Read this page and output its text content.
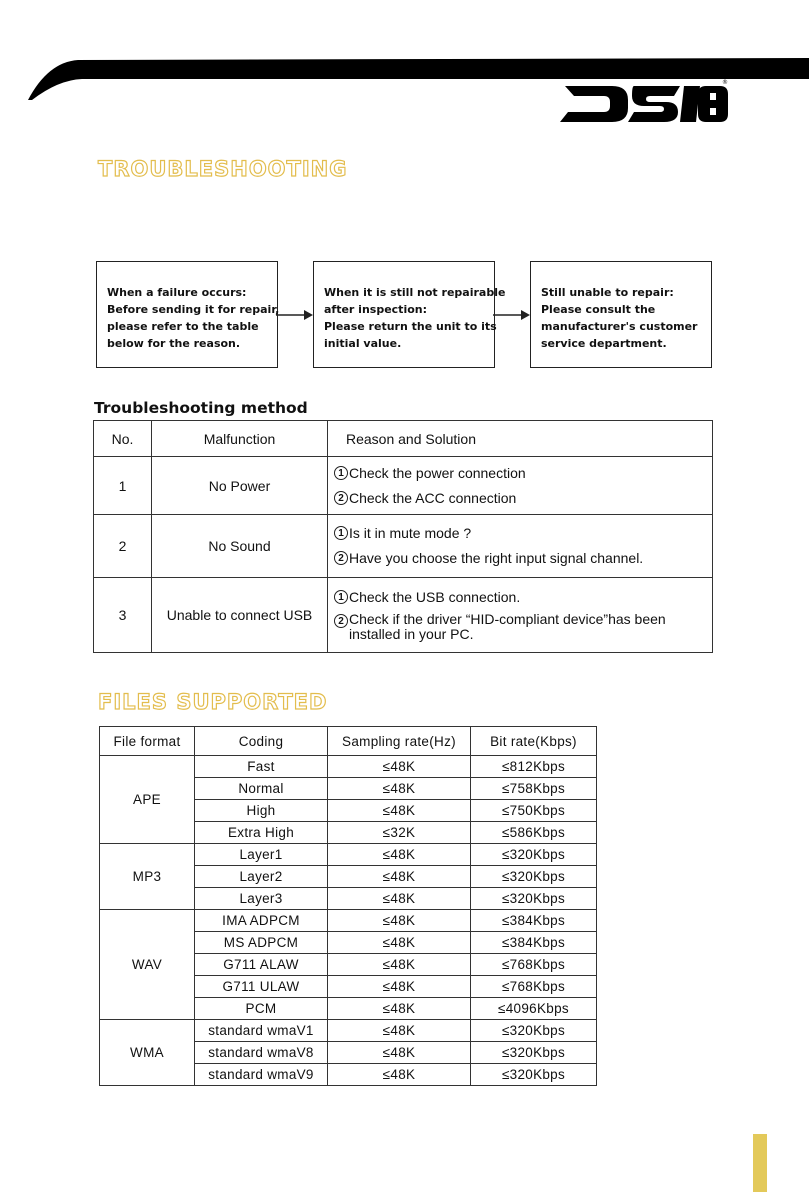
®
TROUBLESHOOTING
When a failure occurs:
Before sending it for repair,
please refer to the table
below for the reason.
When it is still not repairable
after inspection:
Please return the unit to its
initial value.
Still unable to repair:
Please consult the
manufacturer's customer
service department.
Troubleshooting method
No.	Malfunction	Reason and Solution
1	No Power	1 Check the power connection
2 Check the ACC connection

2	No Sound	1 Is it in mute mode ?
2 Have you choose the right input signal channel.

3	Unable to connect USB	1 Check the USB connection.
2 Check if the driver “HID-compliant device”has been installed in your PC.
FILES SUPPORTED
File format	Coding	Sampling rate(Hz)	Bit rate(Kbps)
APE	Fast	≤48K	≤812Kbps
	Normal	≤48K	≤758Kbps
	High	≤48K	≤750Kbps
	Extra High	≤32K	≤586Kbps
MP3	Layer1	≤48K	≤320Kbps
	Layer2	≤48K	≤320Kbps
	Layer3	≤48K	≤320Kbps
WAV	IMA ADPCM	≤48K	≤384Kbps
	MS ADPCM	≤48K	≤384Kbps
	G711 ALAW	≤48K	≤768Kbps
	G711 ULAW	≤48K	≤768Kbps
	PCM	≤48K	≤4096Kbps
WMA	standard wmaV1	≤48K	≤320Kbps
	standard wmaV8	≤48K	≤320Kbps
	standard wmaV9	≤48K	≤320Kbps
